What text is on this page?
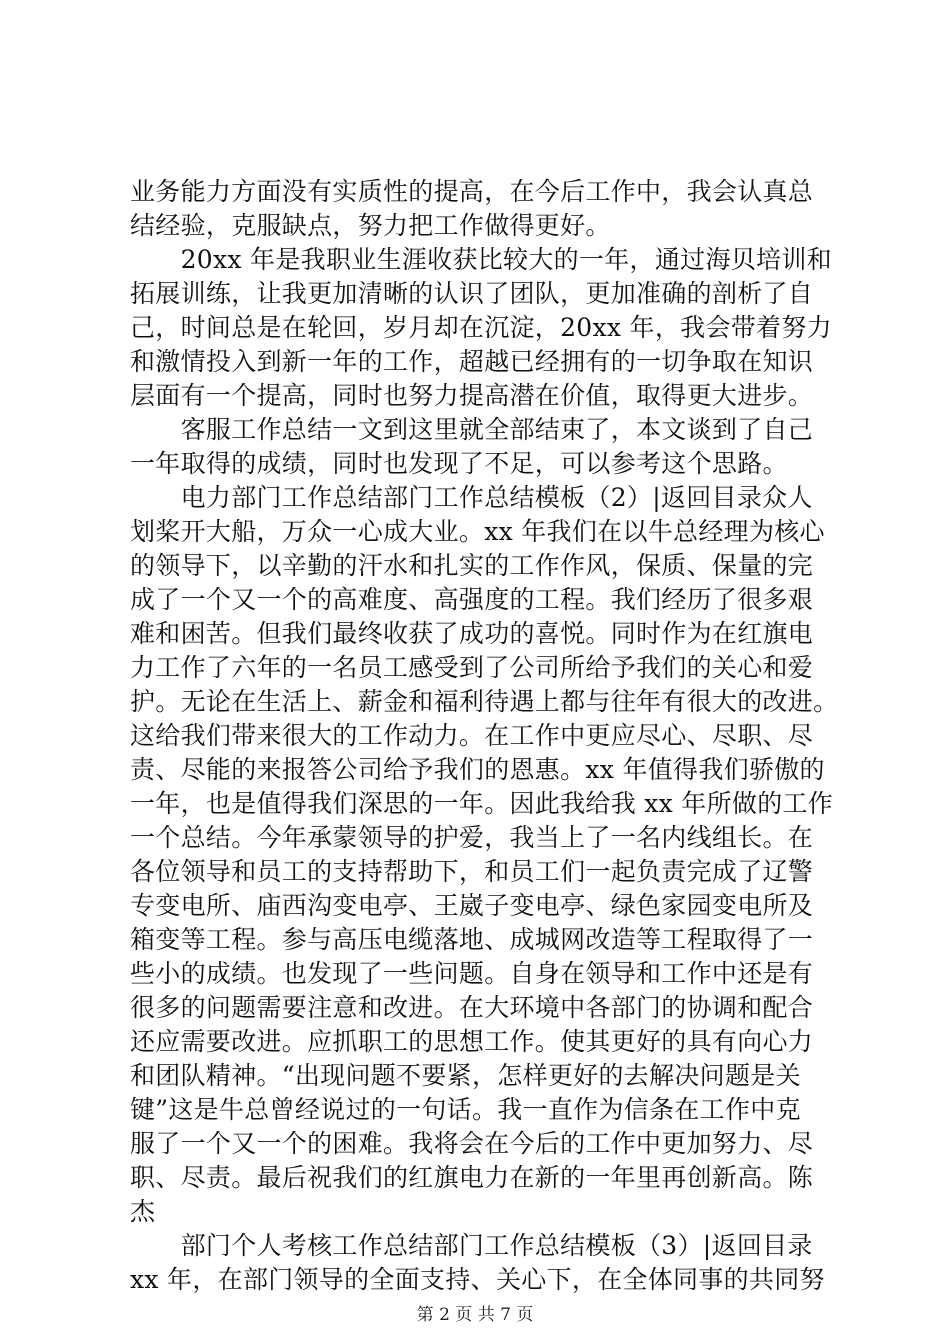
业务能力方面没有实质性的提高，在今后工作中，我会认真总
结经验，克服缺点，努力把工作做得更好。
　　20xx 年是我职业生涯收获比较大的一年，通过海贝培训和
拓展训练，让我更加清晰的认识了团队，更加准确的剖析了自
己，时间总是在轮回，岁月却在沉淀，20xx 年，我会带着努力
和激情投入到新一年的工作，超越已经拥有的一切争取在知识
层面有一个提高，同时也努力提高潜在价值，取得更大进步。
　　客服工作总结一文到这里就全部结束了，本文谈到了自己
一年取得的成绩，同时也发现了不足，可以参考这个思路。
　　电力部门工作总结部门工作总结模板（2）|返回目录众人
划桨开大船，万众一心成大业。xx 年我们在以牛总经理为核心
的领导下，以辛勤的汗水和扎实的工作作风，保质、保量的完
成了一个又一个的高难度、高强度的工程。我们经历了很多艰
难和困苦。但我们最终收获了成功的喜悦。同时作为在红旗电
力工作了六年的一名员工感受到了公司所给予我们的关心和爱
护。无论在生活上、薪金和福利待遇上都与往年有很大的改进。
这给我们带来很大的工作动力。在工作中更应尽心、尽职、尽
责、尽能的来报答公司给予我们的恩惠。xx 年值得我们骄傲的
一年，也是值得我们深思的一年。因此我给我 xx 年所做的工作
一个总结。今年承蒙领导的护爱，我当上了一名内线组长。在
各位领导和员工的支持帮助下，和员工们一起负责完成了辽警
专变电所、庙西沟变电亭、王崴子变电亭、绿色家园变电所及
箱变等工程。参与高压电缆落地、成城网改造等工程取得了一
些小的成绩。也发现了一些问题。自身在领导和工作中还是有
很多的问题需要注意和改进。在大环境中各部门的协调和配合
还应需要改进。应抓职工的思想工作。使其更好的具有向心力
和团队精神。“出现问题不要紧，怎样更好的去解决问题是关
键”这是牛总曾经说过的一句话。我一直作为信条在工作中克
服了一个又一个的困难。我将会在今后的工作中更加努力、尽
职、尽责。最后祝我们的红旗电力在新的一年里再创新高。陈
杰
　　部门个人考核工作总结部门工作总结模板（3）|返回目录
xx 年，在部门领导的全面支持、关心下，在全体同事的共同努
第 2 页 共 7 页
